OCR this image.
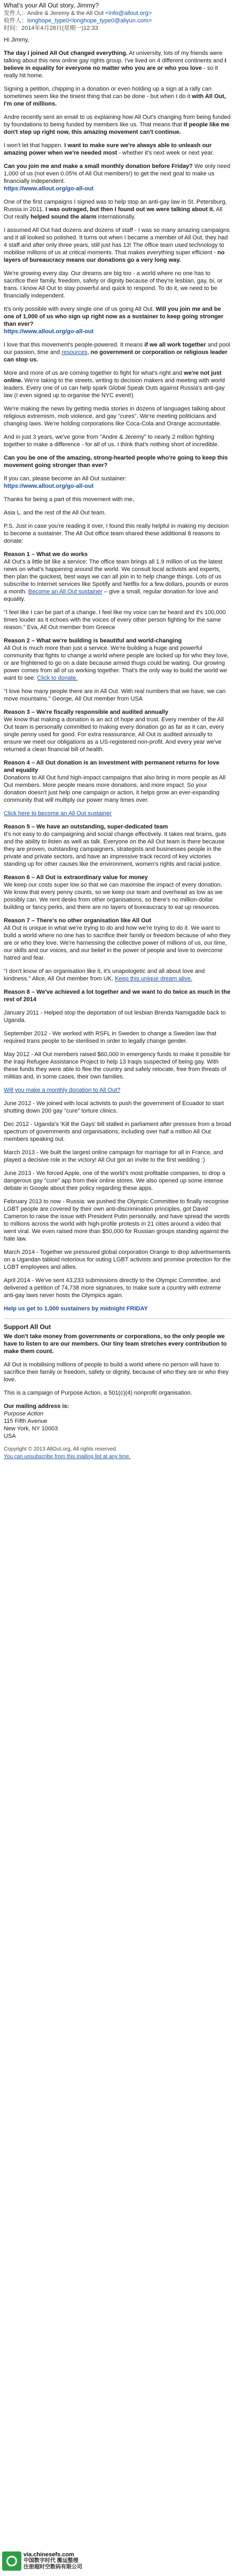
What's your All Out story, Jimmy?
发件人：Andre & Jeremy & the All Out <info@allout.org>
收件人：longhope_type0<longhope_type0@aliyun.com>
时间：2014年4月28日(星期一)12:33

Hi Jimmy,

The day I joined All Out changed everything. At university, lots of my friends were talking about this new online gay rights group. I've lived on 4 different continents and I believe in equality for everyone no matter who you are or who you love - so it really hit home.

Signing a petition, chipping in a donation or even holding up a sign at a rally can sometimes seem like the tiniest thing that can be done - but when I do it with All Out, I'm one of millions.

Andre recently sent an email to us explaining how All Out's changing from being funded by foundations to being funded by members like us. That means that if people like me don't step up right now, this amazing movement can't continue.

I won't let that happen. I want to make sure we're always able to unleash our amazing power when we're needed most - whether it's next week or next year.

Can you join me and make a small monthly donation before Friday? We only need 1,000 of us (not even 0.05% of All Out members!) to get the next goal to make us financially independent.
https://www.allout.org/go-all-out

One of the first campaigns I signed was to help stop an anti-gay law in St. Petersburg, Russia in 2011. I was outraged, but then I found out we were talking about it. All Out really helped sound the alarm internationally.

I assumed All Out had dozens and dozens of staff - I was so many amazing campaigns and it all looked so polished. It turns out when I became a member of All Out, they had 4 staff and after only three years, still just has 13! The office team used technology to mobilise millions of us at critical moments. That makes everything super efficient - no layers of bureaucracy means our donations go a very long way.

We're growing every day. Our dreams are big too - a world where no one has to sacrifice their family, freedom, safety or dignity because of they're lesbian, gay, bi, or trans. I know All Out to stay powerful and quick to respond. To do it, we need to be financially independent.

It's only possible with every single one of us going All Out. Will you join me and be one of 1,000 of us who sign up right now as a sustainer to keep going stronger than ever?
https://www.allout.org/go-all-out

I love that this movement's people-powered. It means if we all work together and pool our passion, time and resources, no government or corporation or religious leader can stop us.

More and more of us are coming together to fight for what's right and we're not just online. We're taking to the streets, writing to decision makers and meeting with world leaders. Every one of us can help spark Global Speak Outs against Russia's anti-gay law (I even signed up to organise the NYC event!)

We're making the news by getting media stories in dozens of languages talking about religious extremism, mob violence, and gay "cures". We're meeting politicians and changing laws. We're holding corporations like Coca-Cola and Orange accountable.

And in just 3 years, we've gone from "Andre & Jeremy" to nearly 2 million fighting together to make a difference - for all of us. I think that's nothing short of incredible.

Can you be one of the amazing, strong-hearted people who're going to keep this movement going stronger than ever?

If you can, please become an All Out sustainer:
https://www.allout.org/go-all-out

Thanks for being a part of this movement with me,

Asia L. and the rest of the All Out team.

P.S. Just in case you're reading it over, I found this really helpful in making my decision to become a sustainer. The All Out office team shared these additional 8 reasons to donate:

Reason 1 – What we do works

All Out's a little bit like a service: The office team brings all 1.9 million of us the latest news on what's happening around the world. We consult local activists and experts, then plan the quickest, best ways we can all join in to help change things. Lots of us subscribe to Internet services like Spotify and Netflix for a few dollars, pounds or euros a month. Become an All Out sustainer – give a small, regular donation for love and equality.

"I feel like I can be part of a change. I feel like my voice can be heard and it's 100,000 times louder as it echoes with the voices of every other person fighting for the same reason." Eva, All Out member from Greece

Reason 2 – What we're building is beautiful and world-changing

All Out is much more than just a service. We're building a huge and powerful community that fights to change a world where people are locked up for who they love, or are frightened to go on a date because armed thugs could be waiting. Our growing power comes from all of us working together. That's the only way to build the world we want to see. Click to donate.

"I love how many people there are in All Out. With real numbers that we have, we can move mountains." George, All Out member from USA

Reason 3 – We're fiscally responsible and audited annually

We know that making a donation is an act of hope and trust. Every member of the All Out team is personally committed to making every donation go as far as it can, every single penny used for good. For extra reassurance, All Out is audited annually to ensure we meet our obligations as a US-registered non-profit. And every year we've returned a clean financial bill of health.

Reason 4 – All Out donation is an investment with permanent returns for love and equality

Donations to All Out fund high-impact campaigns that also bring in more people as All Out members. More people means more donations, and more impact. So your donation doesn't just help one campaign or action, it helps grow an ever-expanding community that will multiply our power many times over.

Click here to become an All Out sustainer

Reason 5 – We have an outstanding, super-dedicated team

It's not easy to do campaigning and social change effectively. It takes real brains, guts and the ability to listen as well as talk. Everyone on the All Out team is there because they are proven, outstanding campaigners, strategists and businesses people in the private and private sectors, and have an impressive track record of key victories standing up for other causes like the environment, women's rights and racial justice.

Reason 6 – All Out is extraordinary value for money

We keep our costs super low so that we can maximise the impact of every donation. We know that every penny counts, so we keep our team and overhead as low as we possibly can. We rent desks from other organisations, so there's no million-dollar building or fancy perks, and there are no layers of bureaucracy to eat up resources.

Reason 7 – There's no other organisation like All Out

All Out is unique in what we're trying to do and how we're trying to do it. We want to build a world where no one has to sacrifice their family or freedom because of who they are or who they love. We're harnessing the collective power of millions of us, our time, our skills and our voices, and our belief in the power of people and love to overcome hatred and fear.

"I don't know of an organisation like it, it's unapologetic and all about love and kindness." Alice, All Out member from UK. Keep this unique dream alive.

Reason 8 – We've achieved a lot together and we want to do twice as much in the rest of 2014

January 2011 - Helped stop the deportation of out lesbian Brenda Namigadde back to Uganda.

September 2012 - We worked with RSFL in Sweden to change a Sweden law that required trans people to be sterilised in order to legally change gender.

May 2012 - All Out members raised $60,000 in emergency funds to make it possible for the Iraqi Refugee Assistance Project to help 13 Iraqis suspected of being gay. With these funds they were able to flee the country and safely relocate, free from threats of militias and, in some cases, their own families.

Will you make a monthly donation to All Out?

June 2012 - We joined with local activists to push the government of Ecuador to start shutting down 200 gay "cure" torture clinics.

Dec 2012 - Uganda's 'Kill the Gays' bill stalled in parliament after pressure from a broad spectrum of governments and organisations, including over half a million All Out members speaking out.

March 2013 - We built the largest online campaign for marriage for all in France, and played a decisive role in the victory! All Out got an invite to the first wedding :)

June 2013 - We forced Apple, one of the world's most profitable companies, to drop a dangerous gay "cure" app from their online stores. We also opened up some intense debate in Google about their policy regarding these apps.

February 2013 to now - Russia: we pushed the Olympic Committee to finally recognise LGBT people are covered by their own anti-discrimination principles, got David Cameron to raise the issue with President Putin personally, and have spread the words to millions across the world with high-profile protests in 21 cities around a video that went viral. We even raised more than $50,000 for Russian groups standing against the hate law.

March 2014 - Together we pressured global corporation Orange to drop advertisements on a Ugandan tabloid notorious for outing LGBT activists and promise protection for the LGBT employees and allies.

April 2014 - We've sent 43,233 submissions directly to the Olympic Committee, and delivered a petition of 74,738 more signatures, to make sure a country with extreme anti-gay laws never hosts the Olympics again.

Help us get to 1,000 sustainers by midnight FRIDAY

Support All Out

We don't take money from governments or corporations, so the only people we have to listen to are our members. Our tiny team stretches every contribution to make them count.

All Out is mobilising millions of people to build a world where no person will have to sacrifice their family or freedom, safety or dignity, because of who they are or who they love.

This is a campaign of Purpose Action, a 501(c)(4) nonprofit organisation.

Our mailing address is:
Purpose Action
115 Fifth Avenue
New York, NY 10003
USA
Copyright © 2013 AllOut.org, All rights reserved.
You can unsubscribe from this mailing list at any time.
via.chinesefs.com
中国数字时代 搬运整理
注册超时空数码有限公司
